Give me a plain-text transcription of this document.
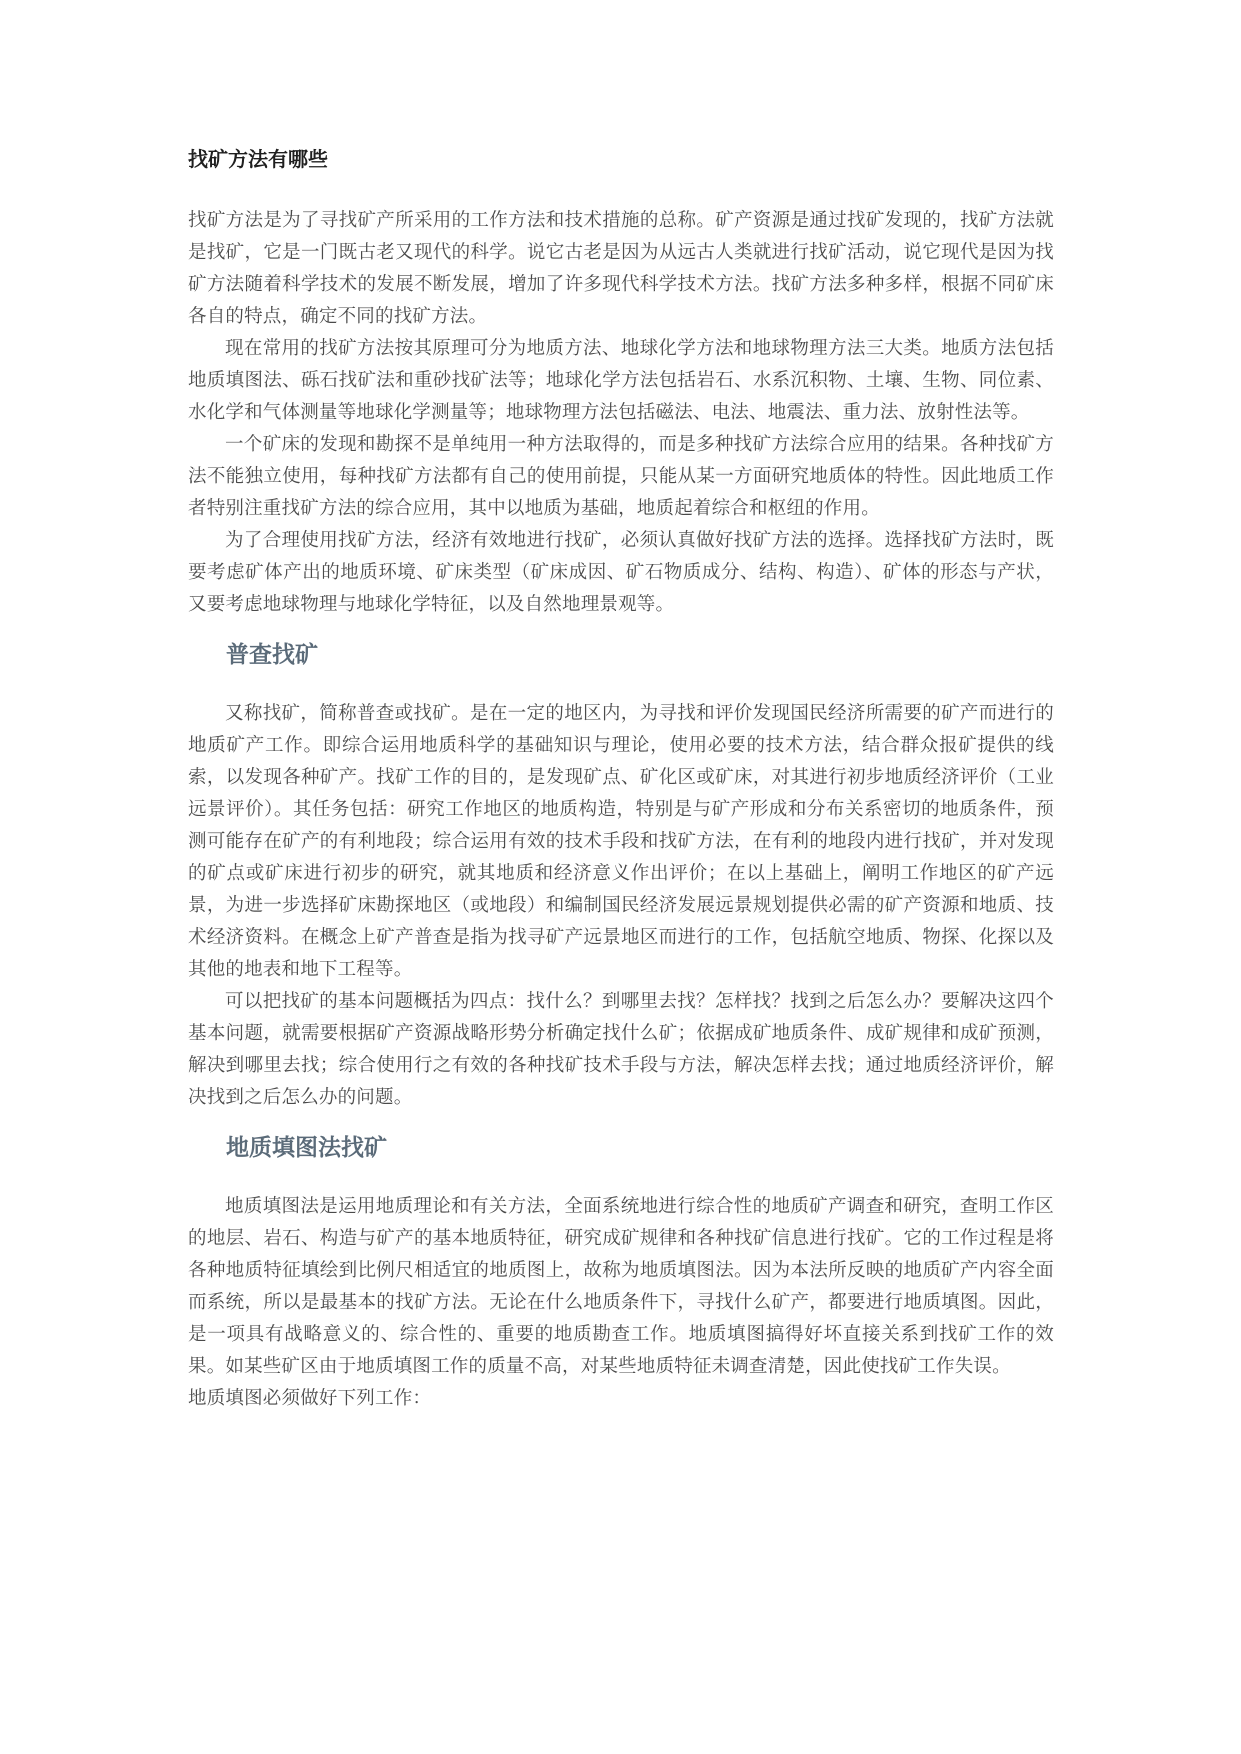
找矿方法有哪些

找矿方法是为了寻找矿产所采用的工作方法和技术措施的总称。矿产资源是通过找矿发现的，找矿方法就是找矿，它是一门既古老又现代的科学。说它古老是因为从远古人类就进行找矿活动，说它现代是因为找矿方法随着科学技术的发展不断发展，增加了许多现代科学技术方法。找矿方法多种多样，根据不同矿床各自的特点，确定不同的找矿方法。

现在常用的找矿方法按其原理可分为地质方法、地球化学方法和地球物理方法三大类。地质方法包括地质填图法、砾石找矿法和重砂找矿法等；地球化学方法包括岩石、水系沉积物、土壤、生物、同位素、水化学和气体测量等地球化学测量等；地球物理方法包括磁法、电法、地震法、重力法、放射性法等。

一个矿床的发现和勘探不是单纯用一种方法取得的，而是多种找矿方法综合应用的结果。各种找矿方法不能独立使用，每种找矿方法都有自己的使用前提，只能从某一方面研究地质体的特性。因此地质工作者特别注重找矿方法的综合应用，其中以地质为基础，地质起着综合和枢纽的作用。

为了合理使用找矿方法，经济有效地进行找矿，必须认真做好找矿方法的选择。选择找矿方法时，既要考虑矿体产出的地质环境、矿床类型（矿床成因、矿石物质成分、结构、构造）、矿体的形态与产状，又要考虑地球物理与地球化学特征，以及自然地理景观等。

普查找矿

又称找矿，简称普查或找矿。是在一定的地区内，为寻找和评价发现国民经济所需要的矿产而进行的地质矿产工作。即综合运用地质科学的基础知识与理论，使用必要的技术方法，结合群众报矿提供的线索，以发现各种矿产。找矿工作的目的，是发现矿点、矿化区或矿床，对其进行初步地质经济评价（工业远景评价）。其任务包括：研究工作地区的地质构造，特别是与矿产形成和分布关系密切的地质条件，预测可能存在矿产的有利地段；综合运用有效的技术手段和找矿方法，在有利的地段内进行找矿，并对发现的矿点或矿床进行初步的研究，就其地质和经济意义作出评价；在以上基础上，阐明工作地区的矿产远景，为进一步选择矿床勘探地区（或地段）和编制国民经济发展远景规划提供必需的矿产资源和地质、技术经济资料。在概念上矿产普查是指为找寻矿产远景地区而进行的工作，包括航空地质、物探、化探以及其他的地表和地下工程等。

可以把找矿的基本问题概括为四点：找什么？到哪里去找？怎样找？找到之后怎么办？要解决这四个基本问题，就需要根据矿产资源战略形势分析确定找什么矿；依据成矿地质条件、成矿规律和成矿预测，解决到哪里去找；综合使用行之有效的各种找矿技术手段与方法，解决怎样去找；通过地质经济评价，解决找到之后怎么办的问题。

地质填图法找矿

地质填图法是运用地质理论和有关方法，全面系统地进行综合性的地质矿产调查和研究，查明工作区的地层、岩石、构造与矿产的基本地质特征，研究成矿规律和各种找矿信息进行找矿。它的工作过程是将各种地质特征填绘到比例尺相适宜的地质图上，故称为地质填图法。因为本法所反映的地质矿产内容全面而系统，所以是最基本的找矿方法。无论在什么地质条件下，寻找什么矿产，都要进行地质填图。因此，是一项具有战略意义的、综合性的、重要的地质勘查工作。地质填图搞得好坏直接关系到找矿工作的效果。如某些矿区由于地质填图工作的质量不高，对某些地质特征未调查清楚，因此使找矿工作失误。

地质填图必须做好下列工作：
